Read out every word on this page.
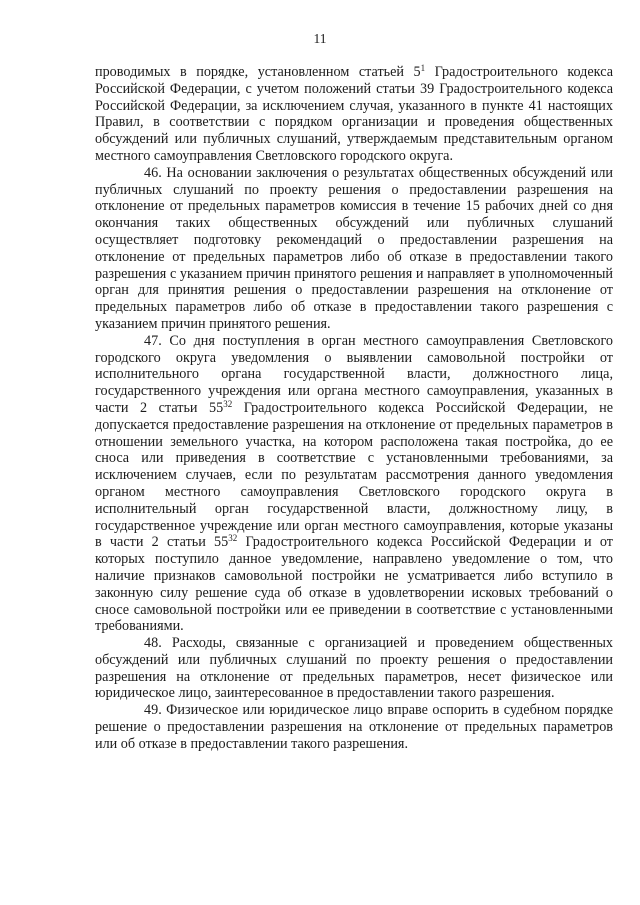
11

проводимых в порядке, установленном статьей $5^1$ Градостроительного кодекса Российской Федерации, с учетом положений статьи 39 Градостроительного кодекса Российской Федерации, за исключением случая, указанного в пункте 41 настоящих Правил, в соответствии с порядком организации и проведения общественных обсуждений или публичных слушаний, утверждаемым представительным органом местного самоуправления Светловского городского округа.

46. На основании заключения о результатах общественных обсуждений или публичных слушаний по проекту решения о предоставлении разрешения на отклонение от предельных параметров комиссия в течение 15 рабочих дней со дня окончания таких общественных обсуждений или публичных слушаний осуществляет подготовку рекомендаций о предоставлении разрешения на отклонение от предельных параметров либо об отказе в предоставлении такого разрешения с указанием причин принятого решения и направляет в уполномоченный орган для принятия решения о предоставлении разрешения на отклонение от предельных параметров либо об отказе в предоставлении такого разрешения с указанием причин принятого решения.

47. Со дня поступления в орган местного самоуправления Светловского городского округа уведомления о выявлении самовольной постройки от исполнительного органа государственной власти, должностного лица, государственного учреждения или органа местного самоуправления, указанных в части 2 статьи $55^{32}$ Градостроительного кодекса Российской Федерации, не допускается предоставление разрешения на отклонение от предельных параметров в отношении земельного участка, на котором расположена такая постройка, до ее сноса или приведения в соответствие с установленными требованиями, за исключением случаев, если по результатам рассмотрения данного уведомления органом местного самоуправления Светловского городского округа в исполнительный орган государственной власти, должностному лицу, в государственное учреждение или орган местного самоуправления, которые указаны в части 2 статьи $55^{32}$ Градостроительного кодекса Российской Федерации и от которых поступило данное уведомление, направлено уведомление о том, что наличие признаков самовольной постройки не усматривается либо вступило в законную силу решение суда об отказе в удовлетворении исковых требований о сносе самовольной постройки или ее приведении в соответствие с установленными требованиями.

48. Расходы, связанные с организацией и проведением общественных обсуждений или публичных слушаний по проекту решения о предоставлении разрешения на отклонение от предельных параметров, несет физическое или юридическое лицо, заинтересованное в предоставлении такого разрешения.

49. Физическое или юридическое лицо вправе оспорить в судебном порядке решение о предоставлении разрешения на отклонение от предельных параметров или об отказе в предоставлении такого разрешения.
